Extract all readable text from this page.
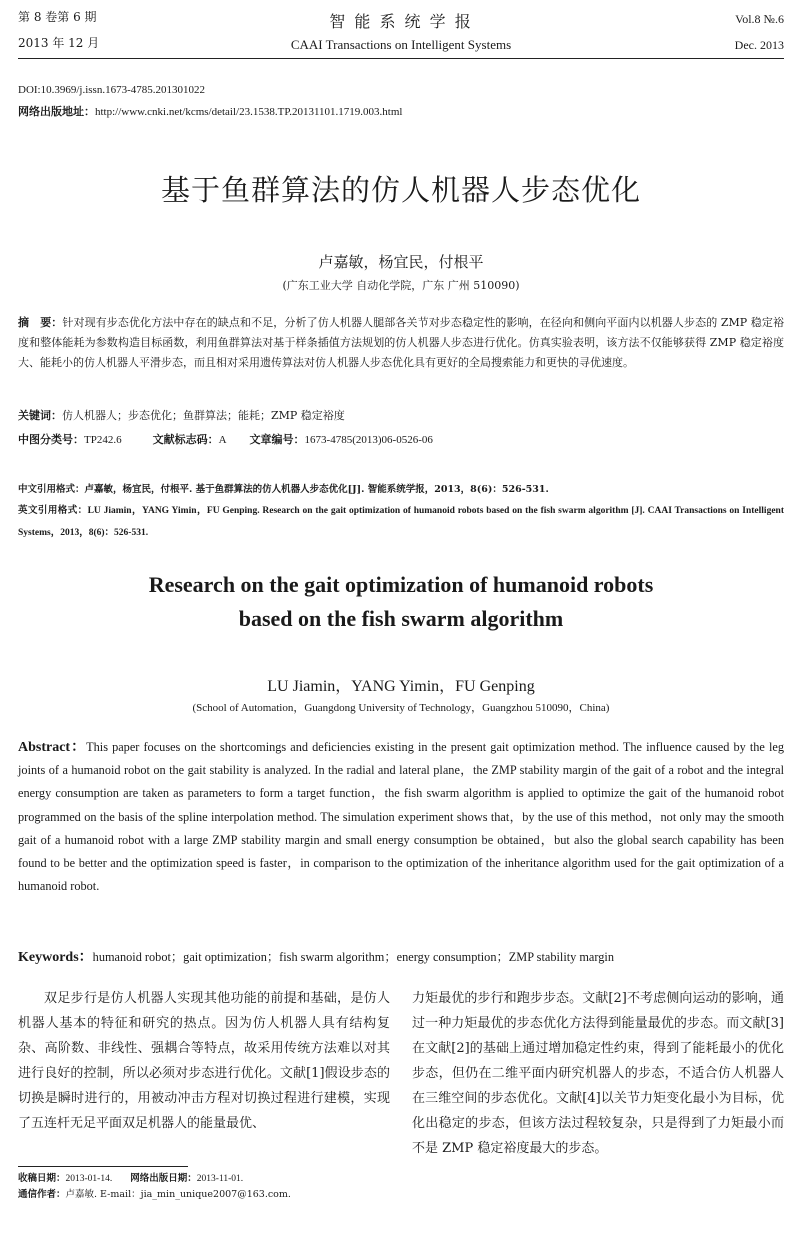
第 8 卷第 6 期	智 能 系 统 学 报	Vol.8 №.6
2013 年 12 月	CAAI Transactions on Intelligent Systems	Dec. 2013
DOI:10.3969/j.issn.1673-4785.201301022
网络出版地址：http://www.cnki.net/kcms/detail/23.1538.TP.20131101.1719.003.html
基于鱼群算法的仿人机器人步态优化
卢嘉敏，杨宜民，付根平
(广东工业大学 自动化学院，广东 广州 510090)
摘　要：针对现有步态优化方法中存在的缺点和不足，分析了仿人机器人腿部各关节对步态稳定性的影响，在径向和侧向平面内以机器人步态的 ZMP 稳定裕度和整体能耗为参数构造目标函数，利用鱼群算法对基于样条插值方法规划的仿人机器人步态进行优化。仿真实验表明，该方法不仅能够获得 ZMP 稳定裕度大、能耗小的仿人机器人平滑步态，而且相对采用遗传算法对仿人机器人步态优化具有更好的全局搜索能力和更快的寻优速度。
关键词：仿人机器人；步态优化；鱼群算法；能耗；ZMP 稳定裕度
中图分类号：TP242.6	文献标志码：A 文章编号：1673-4785(2013)06-0526-06
中文引用格式：卢嘉敏，杨宜民，付根平. 基于鱼群算法的仿人机器人步态优化[J]. 智能系统学报，2013，8(6)：526-531.
英文引用格式：LU Jiamin，YANG Yimin，FU Genping. Research on the gait optimization of humanoid robots based on the fish swarm algorithm [J]. CAAI Transactions on Intelligent Systems，2013，8(6)：526-531.
Research on the gait optimization of humanoid robots
based on the fish swarm algorithm
LU Jiamin，YANG Yimin，FU Genping
(School of Automation，Guangdong University of Technology，Guangzhou 510090，China)
Abstract：This paper focuses on the shortcomings and deficiencies existing in the present gait optimization method. The influence caused by the leg joints of a humanoid robot on the gait stability is analyzed. In the radial and lateral plane，the ZMP stability margin of the gait of a robot and the integral energy consumption are taken as parameters to form a target function，the fish swarm algorithm is applied to optimize the gait of the humanoid robot programmed on the basis of the spline interpolation method. The simulation experiment shows that，by the use of this method，not only may the smooth gait of a humanoid robot with a large ZMP stability margin and small energy consumption be obtained，but also the global search capability has been found to be better and the optimization speed is faster，in comparison to the optimization of the inheritance algorithm used for the gait optimization of a humanoid robot.
Keywords：humanoid robot；gait optimization；fish swarm algorithm；energy consumption；ZMP stability margin
双足步行是仿人机器人实现其他功能的前提和基础，是仿人机器人基本的特征和研究的热点。因为仿人机器人具有结构复杂、高阶数、非线性、强耦合等特点，故采用传统方法难以对其进行良好的控制，所以必须对步态进行优化。文献[1]假设步态的切换是瞬时进行的，用被动冲击方程对切换过程进行建模，实现了五连杆无足平面双足机器人的能量最优、
力矩最优的步行和跑步步态。文献[2]不考虑侧向运动的影响，通过一种力矩最优的步态优化方法得到能量最优的步态。而文献[3]在文献[2]的基础上通过增加稳定性约束，得到了能耗最小的优化步态，但仍在二维平面内研究机器人的步态，不适合仿人机器人在三维空间的步态优化。文献[4]以关节力矩变化最小为目标，优化出稳定的步态，但该方法过程较复杂，只是得到了力矩最小而不是 ZMP 稳定裕度最大的步态。
收稿日期：2013-01-14. 网络出版日期：2013-11-01.
通信作者：卢嘉敏. E-mail：jia_min_unique2007@163.com.
